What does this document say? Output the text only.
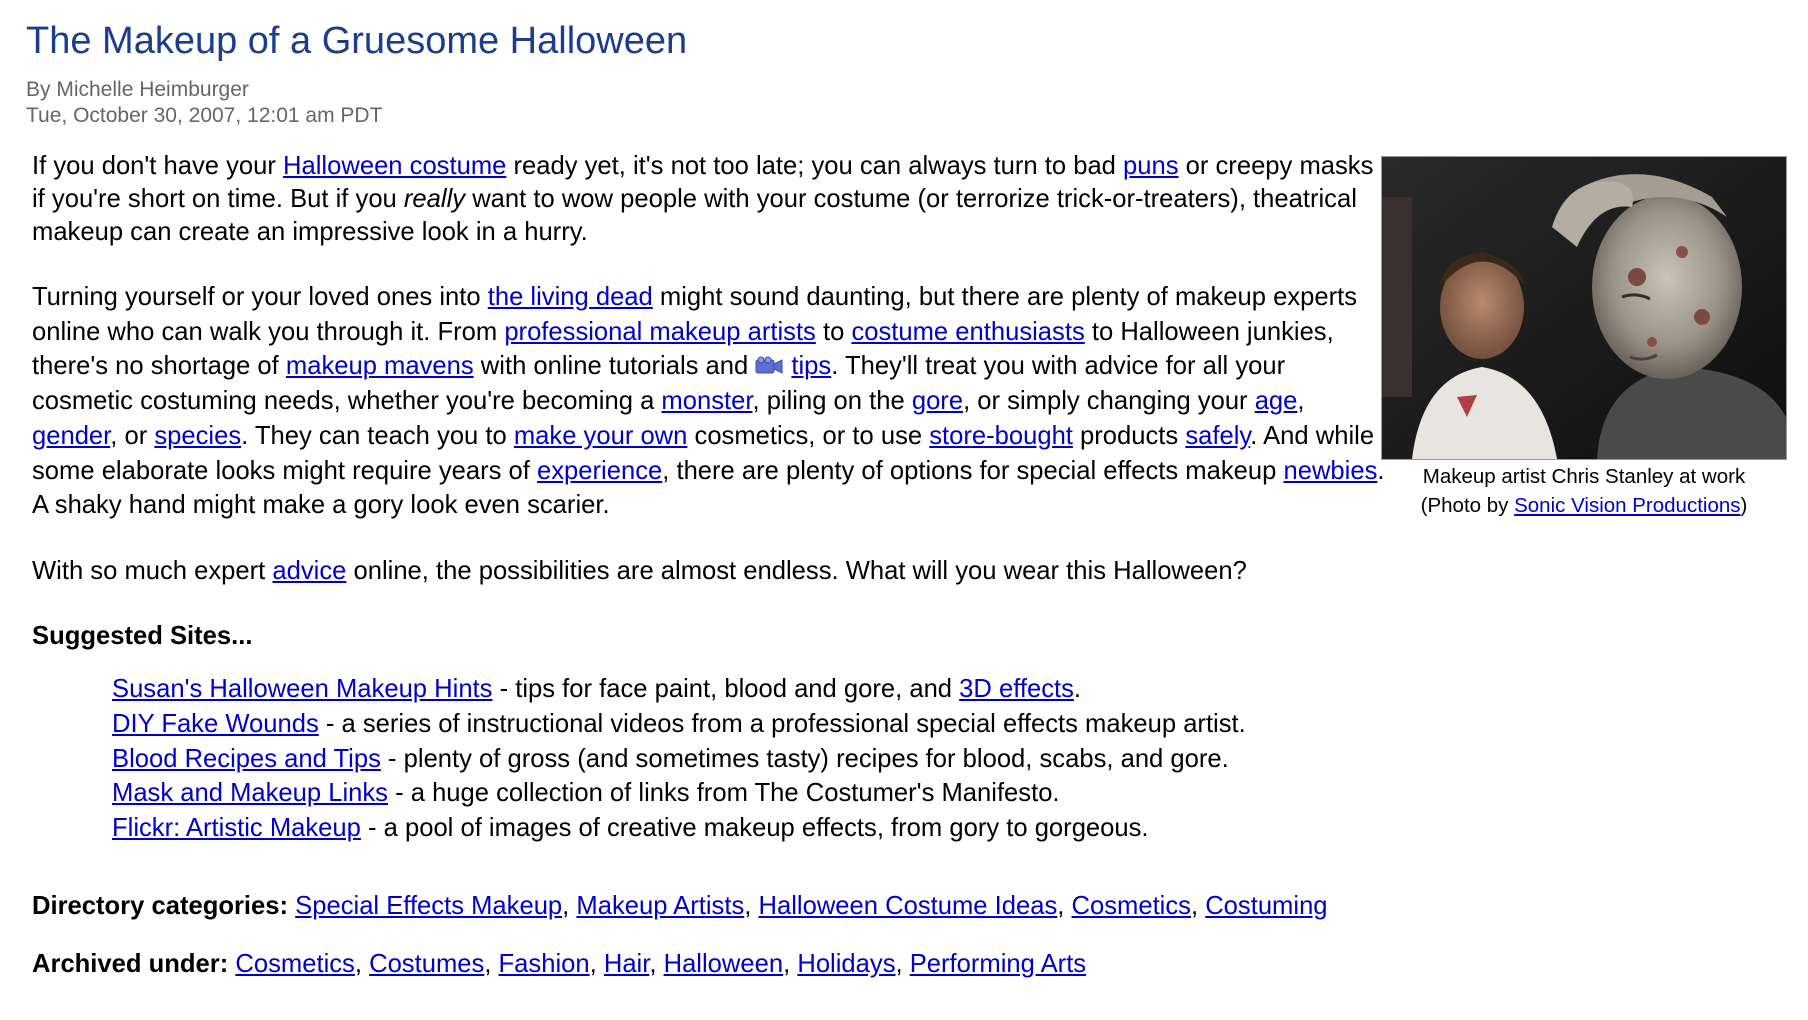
The Makeup of a Gruesome Halloween
By Michelle Heimburger
Tue, October 30, 2007, 12:01 am PDT
Makeup artist Chris Stanley at work
(Photo by Sonic Vision Productions)

If you don't have your Halloween costume ready yet, it's not too late; you can always turn to bad puns or creepy masks if you're short on time. But if you really want to wow people with your costume (or terrorize trick-or-treaters), theatrical makeup can create an impressive look in a hurry.

Turning yourself or your loved ones into the living dead might sound daunting, but there are plenty of makeup experts online who can walk you through it. From professional makeup artists to costume enthusiasts to Halloween junkies, there's no shortage of makeup mavens with online tutorials and tips. They'll treat you with advice for all your cosmetic costuming needs, whether you're becoming a monster, piling on the gore, or simply changing your age, gender, or species. They can teach you to make your own cosmetics, or to use store-bought products safely. And while some elaborate looks might require years of experience, there are plenty of options for special effects makeup newbies. A shaky hand might make a gory look even scarier.

With so much expert advice online, the possibilities are almost endless. What will you wear this Halloween?

Suggested Sites...
Susan's Halloween Makeup Hints - tips for face paint, blood and gore, and 3D effects.
DIY Fake Wounds - a series of instructional videos from a professional special effects makeup artist.
Blood Recipes and Tips - plenty of gross (and sometimes tasty) recipes for blood, scabs, and gore.
Mask and Makeup Links - a huge collection of links from The Costumer's Manifesto.
Flickr: Artistic Makeup - a pool of images of creative makeup effects, from gory to gorgeous.
Directory categories: Special Effects Makeup, Makeup Artists, Halloween Costume Ideas, Cosmetics, Costuming
Archived under: Cosmetics, Costumes, Fashion, Hair, Halloween, Holidays, Performing Arts
